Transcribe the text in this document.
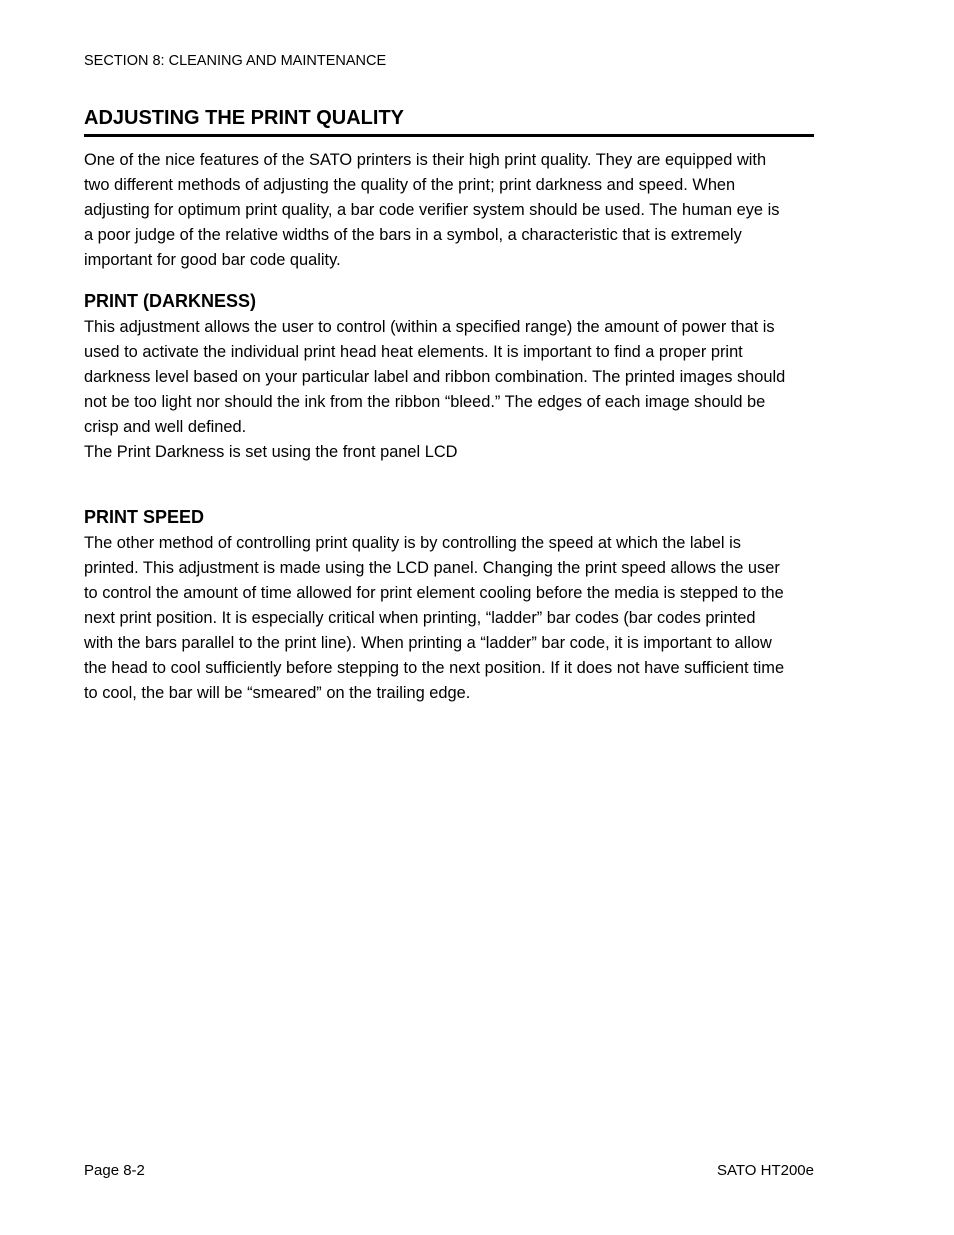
SECTION 8: CLEANING AND MAINTENANCE
ADJUSTING THE PRINT QUALITY

One of the nice features of the SATO printers is their high print quality. They are equipped with
two different methods of adjusting the quality of the print; print darkness and speed. When
adjusting for optimum print quality, a bar code verifier system should be used. The human eye is
a poor judge of the relative widths of the bars in a symbol, a characteristic that is extremely
important for good bar code quality.

PRINT (DARKNESS)

This adjustment allows the user to control (within a specified range) the amount of power that is
used to activate the individual print head heat elements. It is important to find a proper print
darkness level based on your particular label and ribbon combination. The printed images should
not be too light nor should the ink from the ribbon “bleed.” The edges of each image should be
crisp and well defined.
The Print Darkness is set using the front panel LCD

PRINT SPEED

The other method of controlling print quality is by controlling the speed at which the label is
printed. This adjustment is made using the LCD panel. Changing the print speed allows the user
to control the amount of time allowed for print element cooling before the media is stepped to the
next print position. It is especially critical when printing, “ladder” bar codes (bar codes printed
with the bars parallel to the print line). When printing a “ladder” bar code, it is important to allow
the head to cool sufficiently before stepping to the next position. If it does not have sufficient time
to cool, the bar will be “smeared” on the trailing edge.

Page 8-2	SATO HT200e
